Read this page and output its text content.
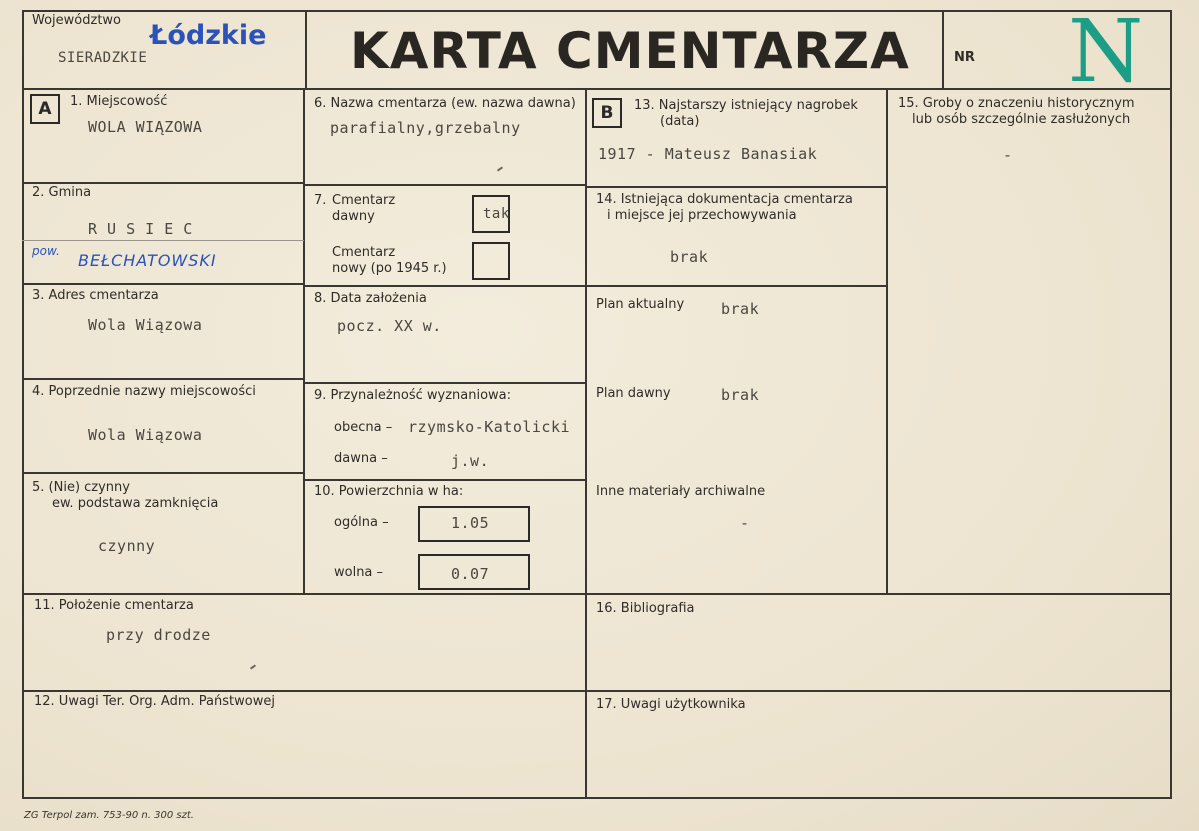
Województwo Łódzkie
SIERADZKIE	KARTA CMENTARZA	NR N
A	1. Miejscowość
WOLA WIĄZOWA
2. Gmina
R U S I E C
pow. BEŁCHATOWSKI
3. Adres cmentarza
Wola Wiązowa
4. Poprzednie nazwy miejscowości
Wola Wiązowa
5. (Nie) czynny
ew. podstawa zamknięcia
czynny
6. Nazwa cmentarza (ew. nazwa dawna)
parafialny,grzebalny
7. Cmentarz
dawny	tak
Cmentarz
nowy (po 1945 r.)
8. Data założenia
pocz. XX w.
9. Przynależność wyznaniowa:
obecna – rzymsko-Katolicki
dawna –	j.w.
10. Powierzchnia w ha:
ogólna –	1.05
wolna –	0.07
B	13. Najstarszy istniejący nagrobek
(data)
1917 - Mateusz Banasiak
14. Istniejąca dokumentacja cmentarza
i miejsce jej przechowywania
brak
Plan aktualny brak
Plan dawny	brak
Inne materiały archiwalne
-
15. Groby o znaczeniu historycznym
lub osób szczególnie zasłużonych
-
11. Położenie cmentarza
przy drodze
16. Bibliografia
12. Uwagi Ter. Org. Adm. Państwowej	17. Uwagi użytkownika
ZG Terpol zam. 753-90 n. 300 szt.
